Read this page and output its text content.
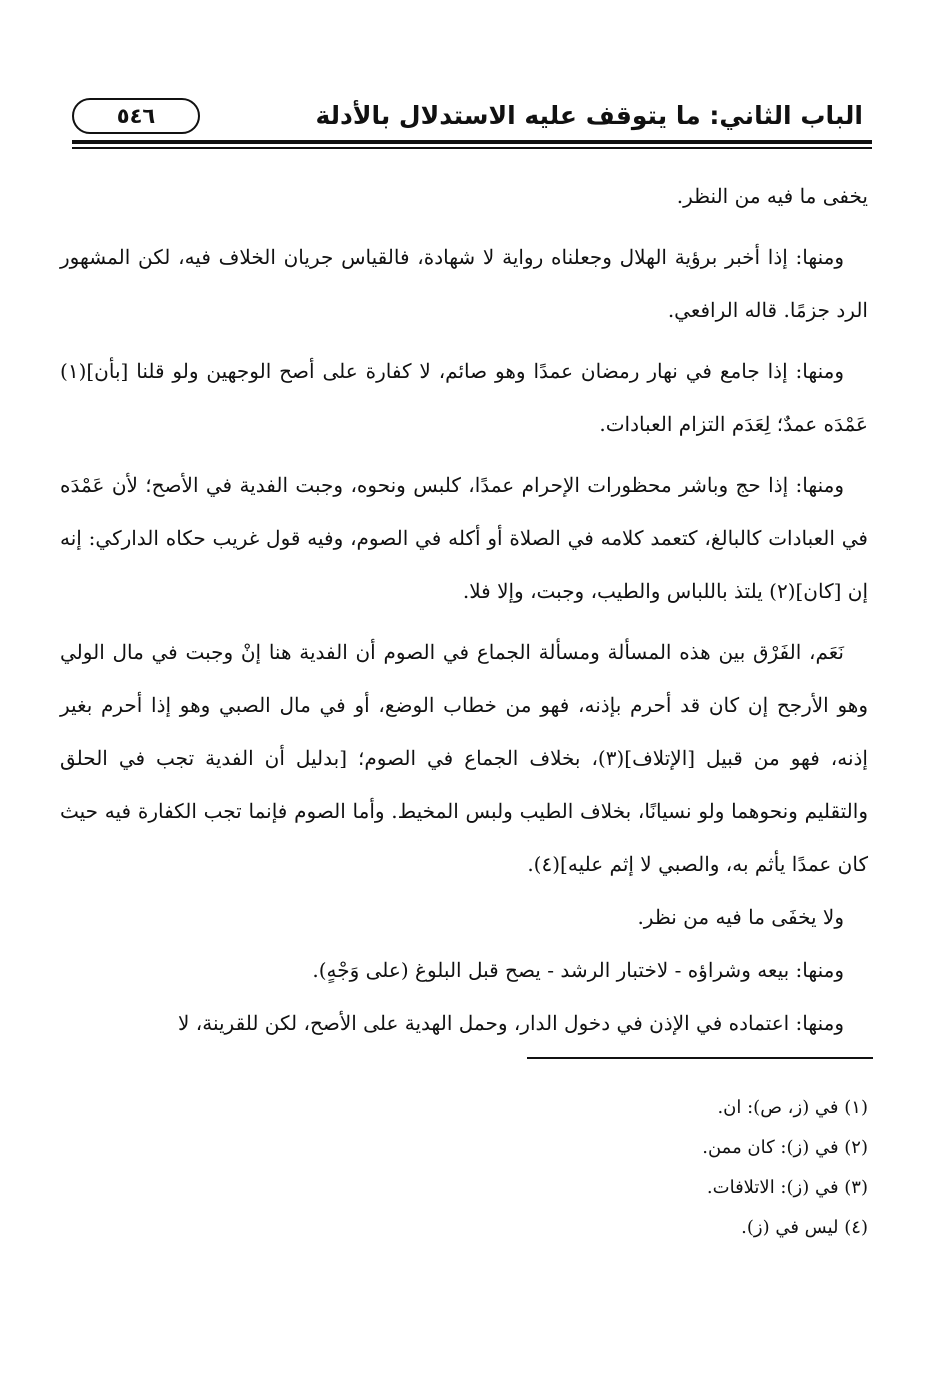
الباب الثاني: ما يتوقف عليه الاستدلال بالأدلة
٥٤٦

يخفى ما فيه من النظر.

ومنها: إذا أخبر برؤية الهلال وجعلناه رواية لا شهادة، فالقياس جريان الخلاف فيه، لكن المشهور الرد جزمًا. قاله الرافعي.

ومنها: إذا جامع في نهار رمضان عمدًا وهو صائم، لا كفارة على أصح الوجهين ولو قلنا [بأن](١) عَمْدَه عمدٌ؛ لِعَدَم التزام العبادات.

ومنها: إذا حج وباشر محظورات الإحرام عمدًا، كلبس ونحوه، وجبت الفدية في الأصح؛ لأن عَمْدَه في العبادات كالبالغ، كتعمد كلامه في الصلاة أو أكله في الصوم، وفيه قول غريب حكاه الداركي: إنه إن [كان](٢) يلتذ باللباس والطيب، وجبت، وإلا فلا.

نَعَم، الفَرْق بين هذه المسألة ومسألة الجماع في الصوم أن الفدية هنا إنْ وجبت في مال الولي وهو الأرجح إن كان قد أحرم بإذنه، فهو من خطاب الوضع، أو في مال الصبي وهو إذا أحرم بغير إذنه، فهو من قبيل [الإتلاف](٣)، بخلاف الجماع في الصوم؛ [بدليل أن الفدية تجب في الحلق والتقليم ونحوهما ولو نسيانًا، بخلاف الطيب ولبس المخيط. وأما الصوم فإنما تجب الكفارة فيه حيث كان عمدًا يأثم به، والصبي لا إثم عليه](٤).

ولا يخفَى ما فيه من نظر.

ومنها: بيعه وشراؤه - لاختبار الرشد - يصح قبل البلوغ (على وَجْهٍ).

ومنها: اعتماده في الإذن في دخول الدار، وحمل الهدية على الأصح، لكن للقرينة، لا

(١) في (ز، ص): ان.

(٢) في (ز): كان ممن.

(٣) في (ز): الاتلافات.

(٤) ليس في (ز).
